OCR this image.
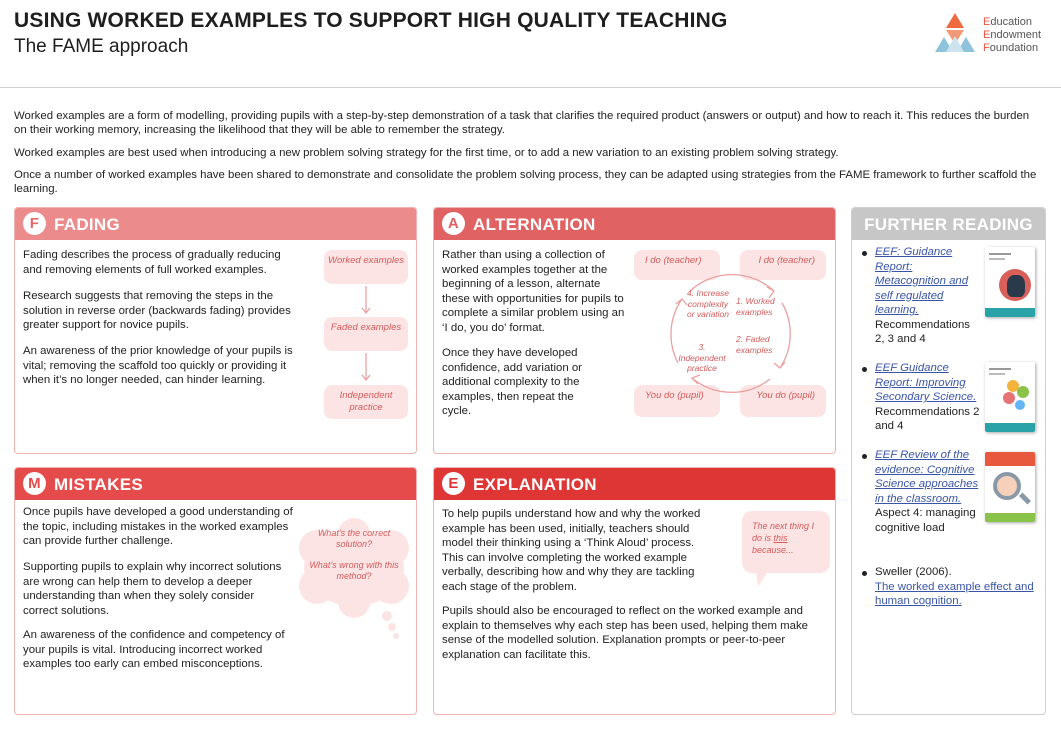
USING WORKED EXAMPLES TO SUPPORT HIGH QUALITY TEACHING
The FAME approach
Education
Endowment
Foundation
Worked examples are a form of modelling, providing pupils with a step-by-step demonstration of a task that clarifies the required product (answers or output) and how to reach it. This reduces the burden on their working memory, increasing the likelihood that they will be able to remember the strategy.
Worked examples are best used when introducing a new problem solving strategy for the first time, or to add a new variation to an existing problem solving strategy.
Once a number of worked examples have been shared to demonstrate and consolidate the problem solving process, they can be adapted using strategies from the FAME framework to further scaffold the learning.
F FADING
Fading describes the process of gradually reducing and removing elements of full worked examples.
Research suggests that removing the steps in the solution in reverse order (backwards fading) provides greater support for novice pupils.
An awareness of the prior knowledge of your pupils is vital; removing the scaffold too quickly or providing it when it’s no longer needed, can hinder learning.
Worked examples
Faded examples
Independent practice
A ALTERNATION
Rather than using a collection of worked examples together at the beginning of a lesson, alternate these with opportunities for pupils to complete a similar problem using an ‘I do, you do’ format.
Once they have developed confidence, add variation or additional complexity to the examples, then repeat the cycle.
I do (teacher)	I do (teacher)
You do (pupil)	You do (pupil)
1. Worked examples
2. Faded examples
3. Independent practice
4. Increase complexity or variation
M MISTAKES
Once pupils have developed a good understanding of the topic, including mistakes in the worked examples can provide further challenge.
Supporting pupils to explain why incorrect solutions are wrong can help them to develop a deeper understanding than when they solely consider correct solutions.
An awareness of the confidence and competency of your pupils is vital. Introducing incorrect worked examples too early can embed misconceptions.
What’s the correct solution?
What’s wrong with this method?
E EXPLANATION
To help pupils understand how and why the worked example has been used, initially, teachers should model their thinking using a ‘Think Aloud’ process. This can involve completing the worked example verbally, describing how and why they are tackling each stage of the problem.
Pupils should also be encouraged to reflect on the worked example and explain to themselves why each step has been used, helping them make sense of the modelled solution. Explanation prompts or peer-to-peer explanation can facilitate this.
The next thing I do is this because...
FURTHER READING
EEF: Guidance Report: Metacognition and self regulated learning.
Recommendations 2, 3 and 4
EEF Guidance Report: Improving Secondary Science.
Recommendations 2 and 4
EEF Review of the evidence: Cognitive Science approaches in the classroom.
Aspect 4: managing cognitive load
Sweller (2006).
The worked example effect and human cognition.
